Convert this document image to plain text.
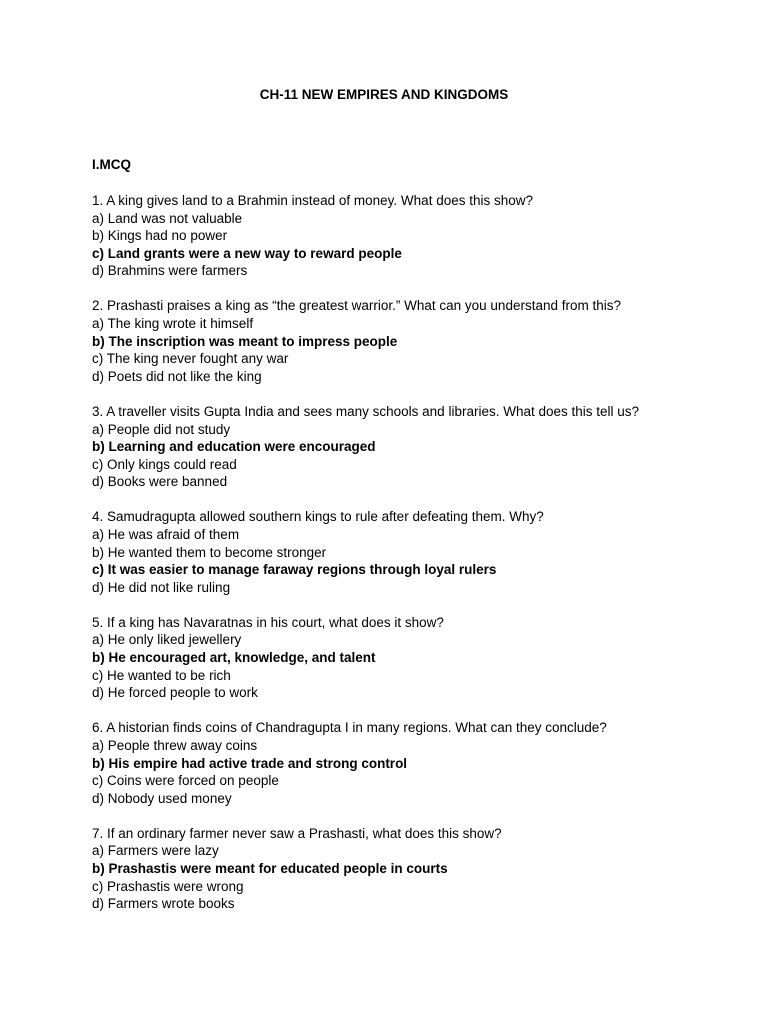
CH-11 NEW EMPIRES AND KINGDOMS
I.MCQ
1. A king gives land to a Brahmin instead of money. What does this show?
a) Land was not valuable
b) Kings had no power
c) Land grants were a new way to reward people
d) Brahmins were farmers
2. Prashasti praises a king as “the greatest warrior.” What can you understand from this?
a) The king wrote it himself
b) The inscription was meant to impress people
c) The king never fought any war
d) Poets did not like the king
3. A traveller visits Gupta India and sees many schools and libraries. What does this tell us?
a) People did not study
b) Learning and education were encouraged
c) Only kings could read
d) Books were banned
4. Samudragupta allowed southern kings to rule after defeating them. Why?
a) He was afraid of them
b) He wanted them to become stronger
c) It was easier to manage faraway regions through loyal rulers
d) He did not like ruling
5. If a king has Navaratnas in his court, what does it show?
a) He only liked jewellery
b) He encouraged art, knowledge, and talent
c) He wanted to be rich
d) He forced people to work
6. A historian finds coins of Chandragupta I in many regions. What can they conclude?
a) People threw away coins
b) His empire had active trade and strong control
c) Coins were forced on people
d) Nobody used money
7. If an ordinary farmer never saw a Prashasti, what does this show?
a) Farmers were lazy
b) Prashastis were meant for educated people in courts
c) Prashastis were wrong
d) Farmers wrote books
